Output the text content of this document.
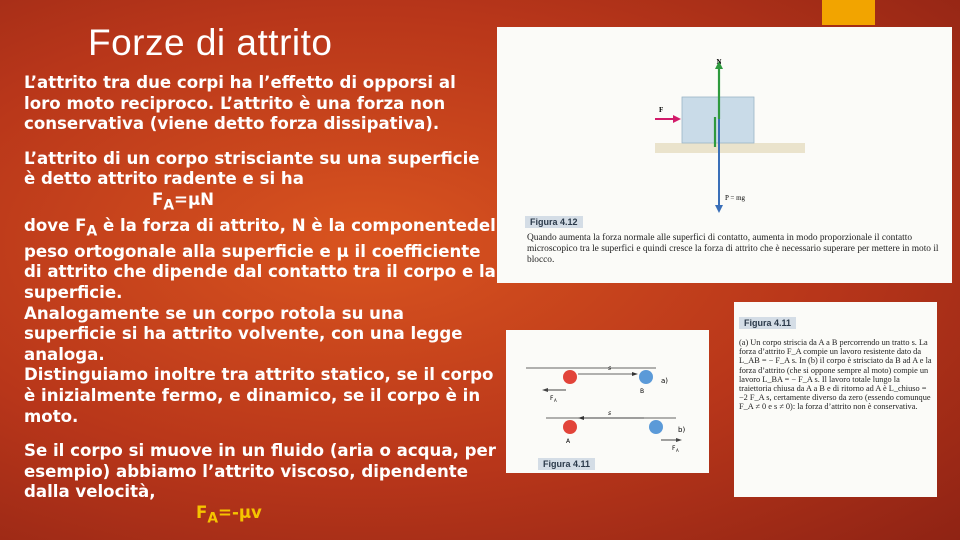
Forze di attrito

L’attrito tra due corpi ha l’effetto di opporsi al loro moto reciproco. L’attrito è una forza non conservativa (viene detto forza dissipativa).

L’attrito di un corpo strisciante su una superficie è detto attrito radente e si ha

$F_A=\mu N$

dove $F_A$ è la forza di attrito, N è la componentedel peso ortogonale alla superficie e μ il coefficiente di attrito che dipende dal contatto tra il corpo e la superficie.

Analogamente se un corpo rotola su una superficie si ha attrito volvente, con una legge analoga.

Distinguiamo inoltre tra attrito statico, se il corpo è inizialmente fermo, e dinamico, se il corpo è in moto.

Se il corpo si muove in un fluido (aria o acqua, per esempio) abbiamo l’attrito viscoso, dipendente dalla velocità,

$F_A=-\mu v$

N
F
P = mg
Figura 4.12
Quando aumenta la forza normale alle superfici di contatto, aumenta in modo proporzionale il contatto microscopico tra le superfici e quindi cresce la forza di attrito che è necessario superare per mettere in moto il blocco.
s
a)
B
F A
s
b)
A
F A
Figura 4.11
Figura 4.11
(a) Un corpo striscia da A a B percorrendo un tratto s. La forza d’attrito F_A compie un lavoro resistente dato da L_AB = − F_A s. In (b) il corpo è strisciato da B ad A e la forza d’attrito (che si oppone sempre al moto) compie un lavoro L_BA = − F_A s. Il lavoro totale lungo la traiettoria chiusa da A a B e di ritorno ad A è L_chiuso = −2 F_A s, certamente diverso da zero (essendo comunque F_A ≠ 0 e s ≠ 0): la forza d’attrito non è conservativa.
